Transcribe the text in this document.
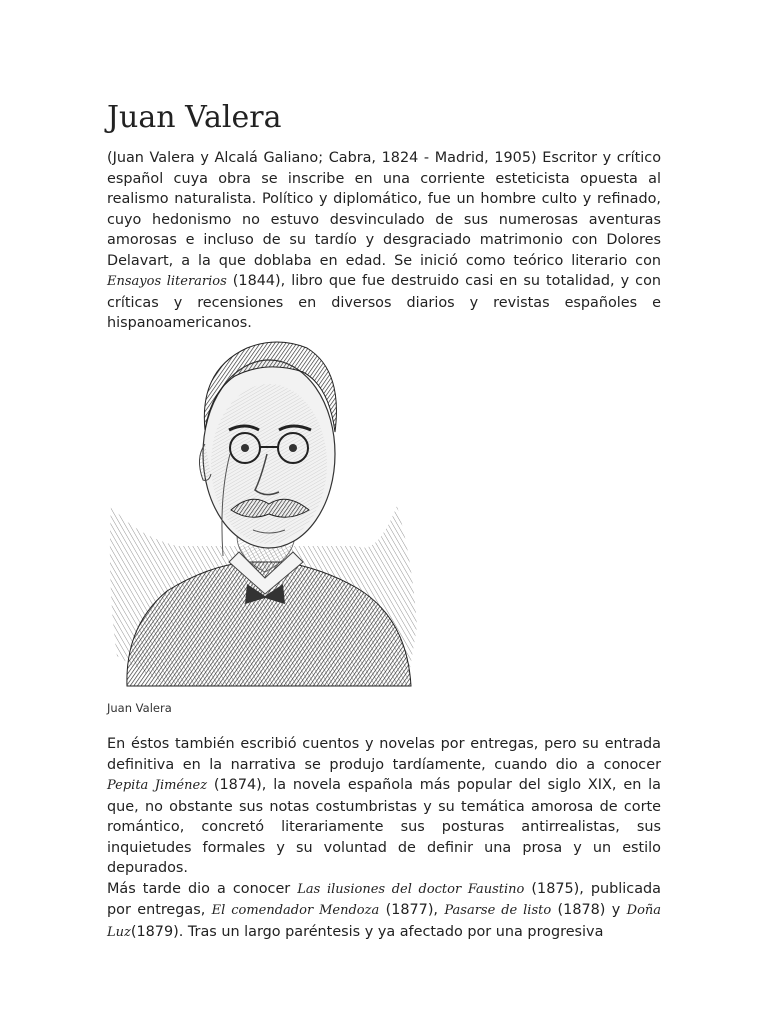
Juan Valera

(Juan Valera y Alcalá Galiano; Cabra, 1824 - Madrid, 1905) Escritor y crítico español cuya obra se inscribe en una corriente esteticista opuesta al realismo naturalista. Político y diplomático, fue un hombre culto y refinado, cuyo hedonismo no estuvo desvinculado de sus numerosas aventuras amorosas e incluso de su tardío y desgraciado matrimonio con Dolores Delavart, a la que doblaba en edad. Se inició como teórico literario con Ensayos literarios (1844), libro que fue destruido casi en su totalidad, y con críticas y recensiones en diversos diarios y revistas españoles e hispanoamericanos.

Juan Valera

En éstos también escribió cuentos y novelas por entregas, pero su entrada definitiva en la narrativa se produjo tardíamente, cuando dio a conocer Pepita Jiménez (1874), la novela española más popular del siglo XIX, en la que, no obstante sus notas costumbristas y su temática amorosa de corte romántico, concretó literariamente sus posturas antirrealistas, sus inquietudes formales y su voluntad de definir una prosa y un estilo depurados.

Más tarde dio a conocer Las ilusiones del doctor Faustino (1875), publicada por entregas, El comendador Mendoza (1877), Pasarse de listo (1878) y Doña Luz(1879). Tras un largo paréntesis y ya afectado por una progresiva
